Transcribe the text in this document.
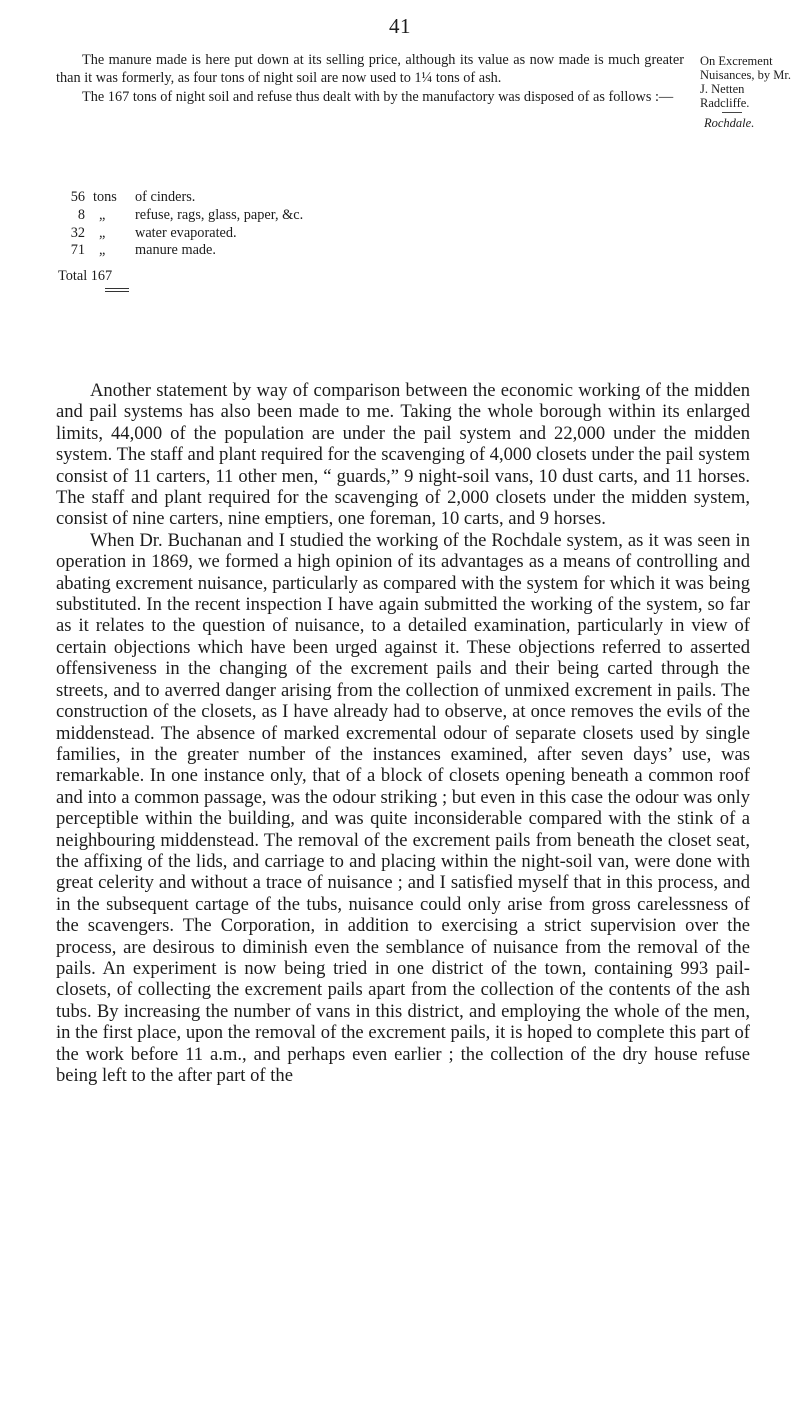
41

The manure made is here put down at its selling price, although its value as now made is much greater than it was formerly, as four tons of night soil are now used to 1¼ tons of ash.

The 167 tons of night soil and refuse thus dealt with by the manufactory was disposed of as follows :—

On Excrement Nuisances, by Mr. J. Netten Radcliffe.
Rochdale.
56 tons	of cinders.
8 „	refuse, rags, glass, paper, &c.
32 „	water evaporated.
71 „	manure made.
Total 167

Another statement by way of comparison between the economic working of the midden and pail systems has also been made to me. Taking the whole borough within its enlarged limits, 44,000 of the population are under the pail system and 22,000 under the midden system. The staff and plant required for the scavenging of 4,000 closets under the pail system consist of 11 carters, 11 other men, “ guards,” 9 night-soil vans, 10 dust carts, and 11 horses. The staff and plant required for the scavenging of 2,000 closets under the midden system, consist of nine carters, nine emptiers, one foreman, 10 carts, and 9 horses.

When Dr. Buchanan and I studied the working of the Rochdale system, as it was seen in operation in 1869, we formed a high opinion of its advantages as a means of controlling and abating excrement nuisance, particularly as compared with the system for which it was being substituted. In the recent inspection I have again submitted the working of the system, so far as it relates to the question of nuisance, to a detailed examination, particularly in view of certain objections which have been urged against it. These objections referred to asserted offensiveness in the changing of the excrement pails and their being carted through the streets, and to averred danger arising from the collection of unmixed excrement in pails. The construction of the closets, as I have already had to observe, at once removes the evils of the middenstead. The absence of marked excremental odour of separate closets used by single families, in the greater number of the instances examined, after seven days’ use, was remarkable. In one instance only, that of a block of closets opening beneath a common roof and into a common passage, was the odour striking ; but even in this case the odour was only perceptible within the building, and was quite inconsiderable compared with the stink of a neighbouring middenstead. The removal of the excrement pails from beneath the closet seat, the affixing of the lids, and carriage to and placing within the night-soil van, were done with great celerity and without a trace of nuisance ; and I satisfied myself that in this process, and in the subsequent cartage of the tubs, nuisance could only arise from gross carelessness of the scavengers. The Corporation, in addition to exercising a strict supervision over the process, are desirous to diminish even the semblance of nuisance from the removal of the pails. An experiment is now being tried in one district of the town, containing 993 pail-closets, of collecting the excrement pails apart from the collection of the contents of the ash tubs. By increasing the number of vans in this district, and employing the whole of the men, in the first place, upon the removal of the excrement pails, it is hoped to complete this part of the work before 11 a.m., and perhaps even earlier ; the collection of the dry house refuse being left to the after part of the
